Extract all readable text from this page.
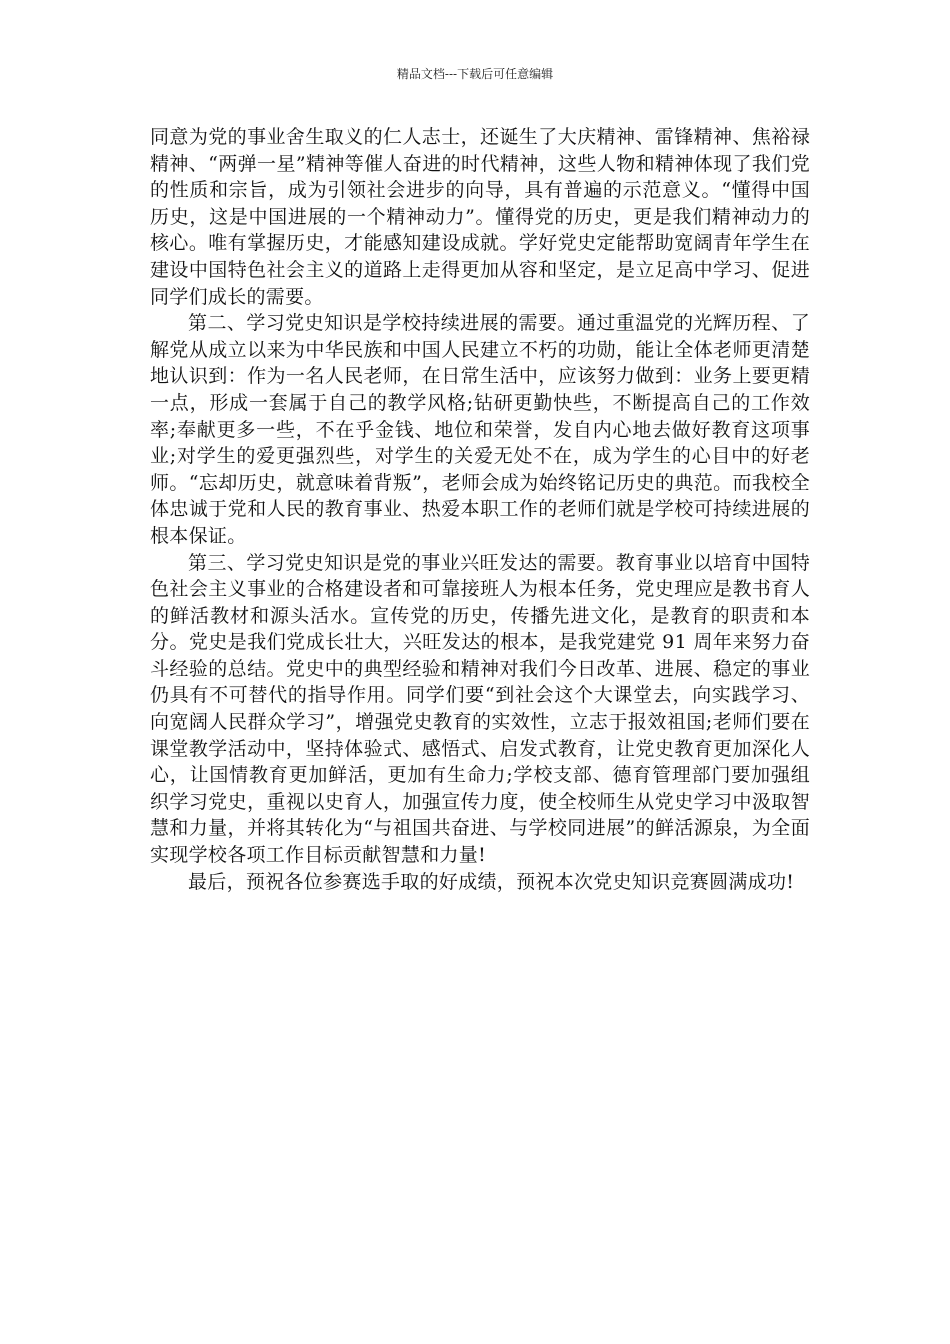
精品文档---下载后可任意编辑

同意为党的事业舍生取义的仁人志士，还诞生了大庆精神、雷锋精神、焦裕禄精神、“两弹一星”精神等催人奋进的时代精神，这些人物和精神体现了我们党的性质和宗旨，成为引领社会进步的向导，具有普遍的示范意义。“懂得中国历史，这是中国进展的一个精神动力”。懂得党的历史，更是我们精神动力的核心。唯有掌握历史，才能感知建设成就。学好党史定能帮助宽阔青年学生在建设中国特色社会主义的道路上走得更加从容和坚定，是立足高中学习、促进同学们成长的需要。

第二、学习党史知识是学校持续进展的需要。通过重温党的光辉历程、了解党从成立以来为中华民族和中国人民建立不朽的功勋，能让全体老师更清楚地认识到：作为一名人民老师，在日常生活中，应该努力做到：业务上要更精一点，形成一套属于自己的教学风格;钻研更勤快些，不断提高自己的工作效率;奉献更多一些，不在乎金钱、地位和荣誉，发自内心地去做好教育这项事业;对学生的爱更强烈些，对学生的关爱无处不在，成为学生的心目中的好老师。“忘却历史，就意味着背叛”，老师会成为始终铭记历史的典范。而我校全体忠诚于党和人民的教育事业、热爱本职工作的老师们就是学校可持续进展的根本保证。

第三、学习党史知识是党的事业兴旺发达的需要。教育事业以培育中国特色社会主义事业的合格建设者和可靠接班人为根本任务，党史理应是教书育人的鲜活教材和源头活水。宣传党的历史，传播先进文化，是教育的职责和本分。党史是我们党成长壮大，兴旺发达的根本，是我党建党 91 周年来努力奋斗经验的总结。党史中的典型经验和精神对我们今日改革、进展、稳定的事业仍具有不可替代的指导作用。同学们要“到社会这个大课堂去，向实践学习、向宽阔人民群众学习”，增强党史教育的实效性，立志于报效祖国;老师们要在课堂教学活动中，坚持体验式、感悟式、启发式教育，让党史教育更加深化人心，让国情教育更加鲜活，更加有生命力;学校支部、德育管理部门要加强组织学习党史，重视以史育人，加强宣传力度，使全校师生从党史学习中汲取智慧和力量，并将其转化为“与祖国共奋进、与学校同进展”的鲜活源泉，为全面实现学校各项工作目标贡献智慧和力量!

最后，预祝各位参赛选手取的好成绩，预祝本次党史知识竞赛圆满成功!
